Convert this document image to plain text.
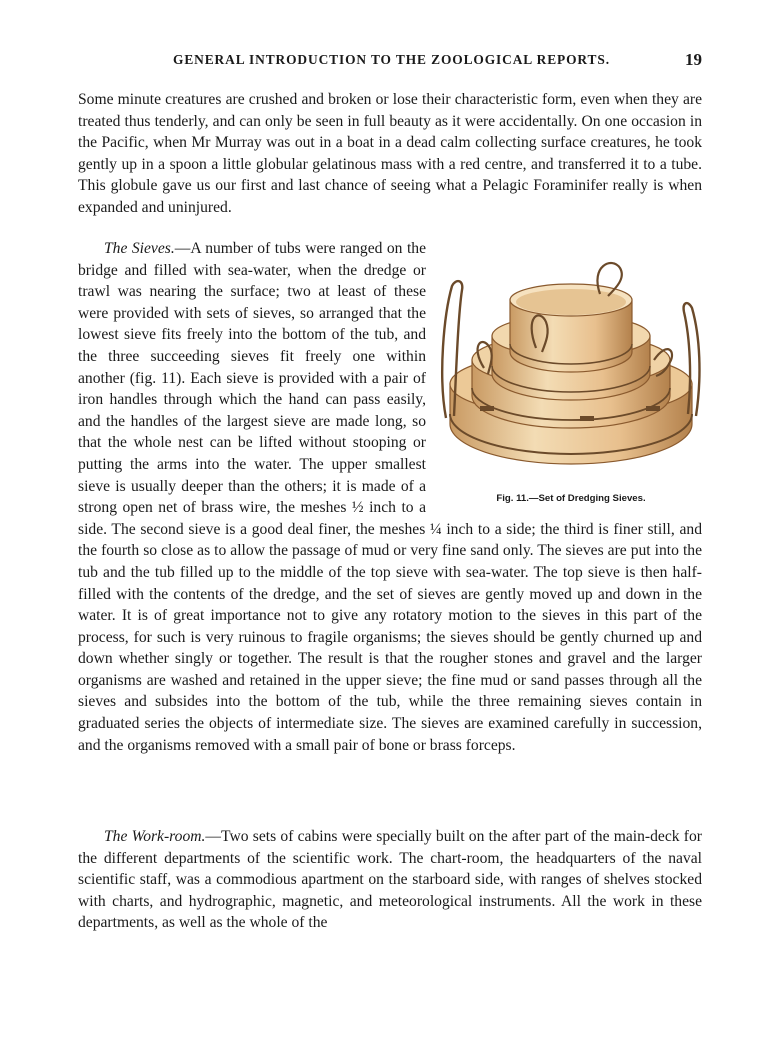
GENERAL INTRODUCTION TO THE ZOOLOGICAL REPORTS.	19

Some minute creatures are crushed and broken or lose their characteristic form, even when they are treated thus tenderly, and can only be seen in full beauty as it were accidentally. On one occasion in the Pacific, when Mr Murray was out in a boat in a dead calm collecting surface creatures, he took gently up in a spoon a little globular gelatinous mass with a red centre, and transferred it to a tube. This globule gave us our first and last chance of seeing what a Pelagic Foraminifer really is when expanded and uninjured.

Fig. 11.—Set of Dredging Sieves.
The Sieves.—A number of tubs were ranged on the bridge and filled with sea-water, when the dredge or trawl was nearing the surface; two at least of these were provided with sets of sieves, so arranged that the lowest sieve fits freely into the bottom of the tub, and the three succeeding sieves fit freely one within another (fig. 11). Each sieve is provided with a pair of iron handles through which the hand can pass easily, and the handles of the largest sieve are made long, so that the whole nest can be lifted without stooping or putting the arms into the water. The upper smallest sieve is usually deeper than the others; it is made of a strong open net of brass wire, the meshes ½ inch to a side. The second sieve is a good deal finer, the meshes ¼ inch to a side; the third is finer still, and the fourth so close as to allow the passage of mud or very fine sand only. The sieves are put into the tub and the tub filled up to the middle of the top sieve with sea-water. The top sieve is then half-filled with the contents of the dredge, and the set of sieves are gently moved up and down in the water. It is of great importance not to give any rotatory motion to the sieves in this part of the process, for such is very ruinous to fragile organisms; the sieves should be gently churned up and down whether singly or together. The result is that the rougher stones and gravel and the larger organisms are washed and retained in the upper sieve; the fine mud or sand passes through all the sieves and subsides into the bottom of the tub, while the three remaining sieves contain in graduated series the objects of intermediate size. The sieves are examined carefully in succession, and the organisms removed with a small pair of bone or brass forceps.
The Work-room.—Two sets of cabins were specially built on the after part of the main-deck for the different departments of the scientific work. The chart-room, the headquarters of the naval scientific staff, was a commodious apartment on the starboard side, with ranges of shelves stocked with charts, and hydrographic, magnetic, and meteorological instruments. All the work in these departments, as well as the whole of the
